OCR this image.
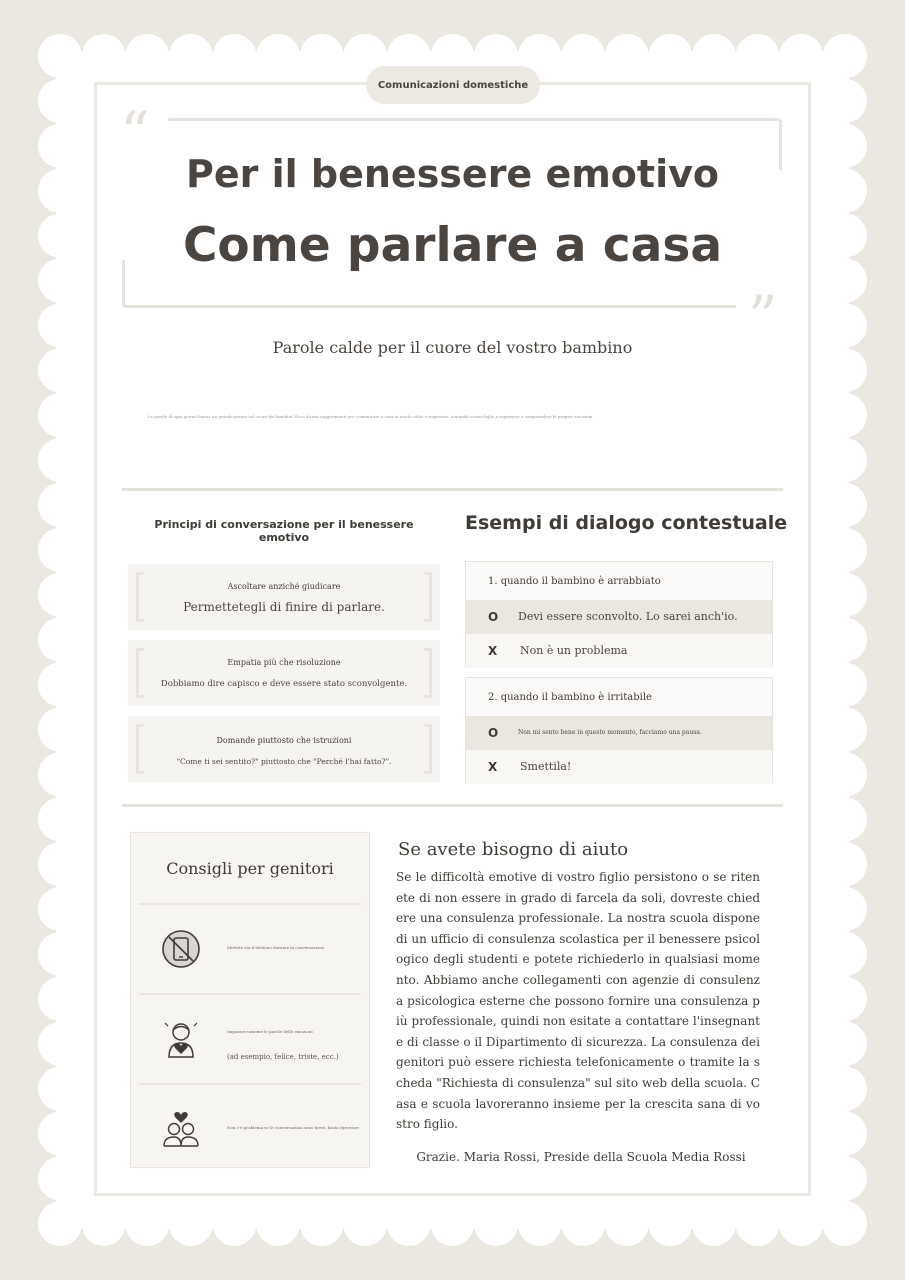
Comunicazioni domestiche
“
”
Per il benessere emotivo
Come parlare a casa
Parole calde per il cuore del vostro bambino
Le parole di ogni giorno hanno un grande potere sul cuore dei bambini. Ecco alcuni suggerimenti per comunicare a casa in modo caldo e rispettoso, aiutando vostro figlio a esprimere e comprendere le proprie emozioni.
Principi di conversazione per il benessere emotivo
Esempi di dialogo contestuale
Ascoltare anziché giudicare
Permettetegli di finire di parlare.
Empatia più che risoluzione
Dobbiamo dire capisco e deve essere stato sconvolgente.
Domande piuttosto che istruzioni
"Come ti sei sentito?" piuttosto che "Perché l'hai fatto?".
1. quando il bambino è arrabbiato
O Devi essere sconvolto. Lo sarei anch'io.
X Non è un problema
2. quando il bambino è irritabile
O	Non mi sento bene in questo momento, facciamo una pausa.
X Smettila!
Consigli per genitori
Mettete via il telefono durante la conversazione
Imparare insieme le parole delle emozioni
(ad esempio, felice, triste, ecc.)
Non c'è problema se le conversazioni sono brevi, basta riprovare
Se avete bisogno di aiuto
Se le difficoltà emotive di vostro figlio persistono o se ritenete di non essere in grado di farcela da soli, dovreste chiedere una consulenza professionale. La nostra scuola dispone di un ufficio di consulenza scolastica per il benessere psicologico degli studenti e potete richiederlo in qualsiasi momento. Abbiamo anche collegamenti con agenzie di consulenza psicologica esterne che possono fornire una consulenza più professionale, quindi non esitate a contattare l'insegnante di classe o il Dipartimento di sicurezza. La consulenza dei genitori può essere richiesta telefonicamente o tramite la scheda "Richiesta di consulenza" sul sito web della scuola. Casa e scuola lavoreranno insieme per la crescita sana di vostro figlio.
Grazie. Maria Rossi, Preside della Scuola Media Rossi
